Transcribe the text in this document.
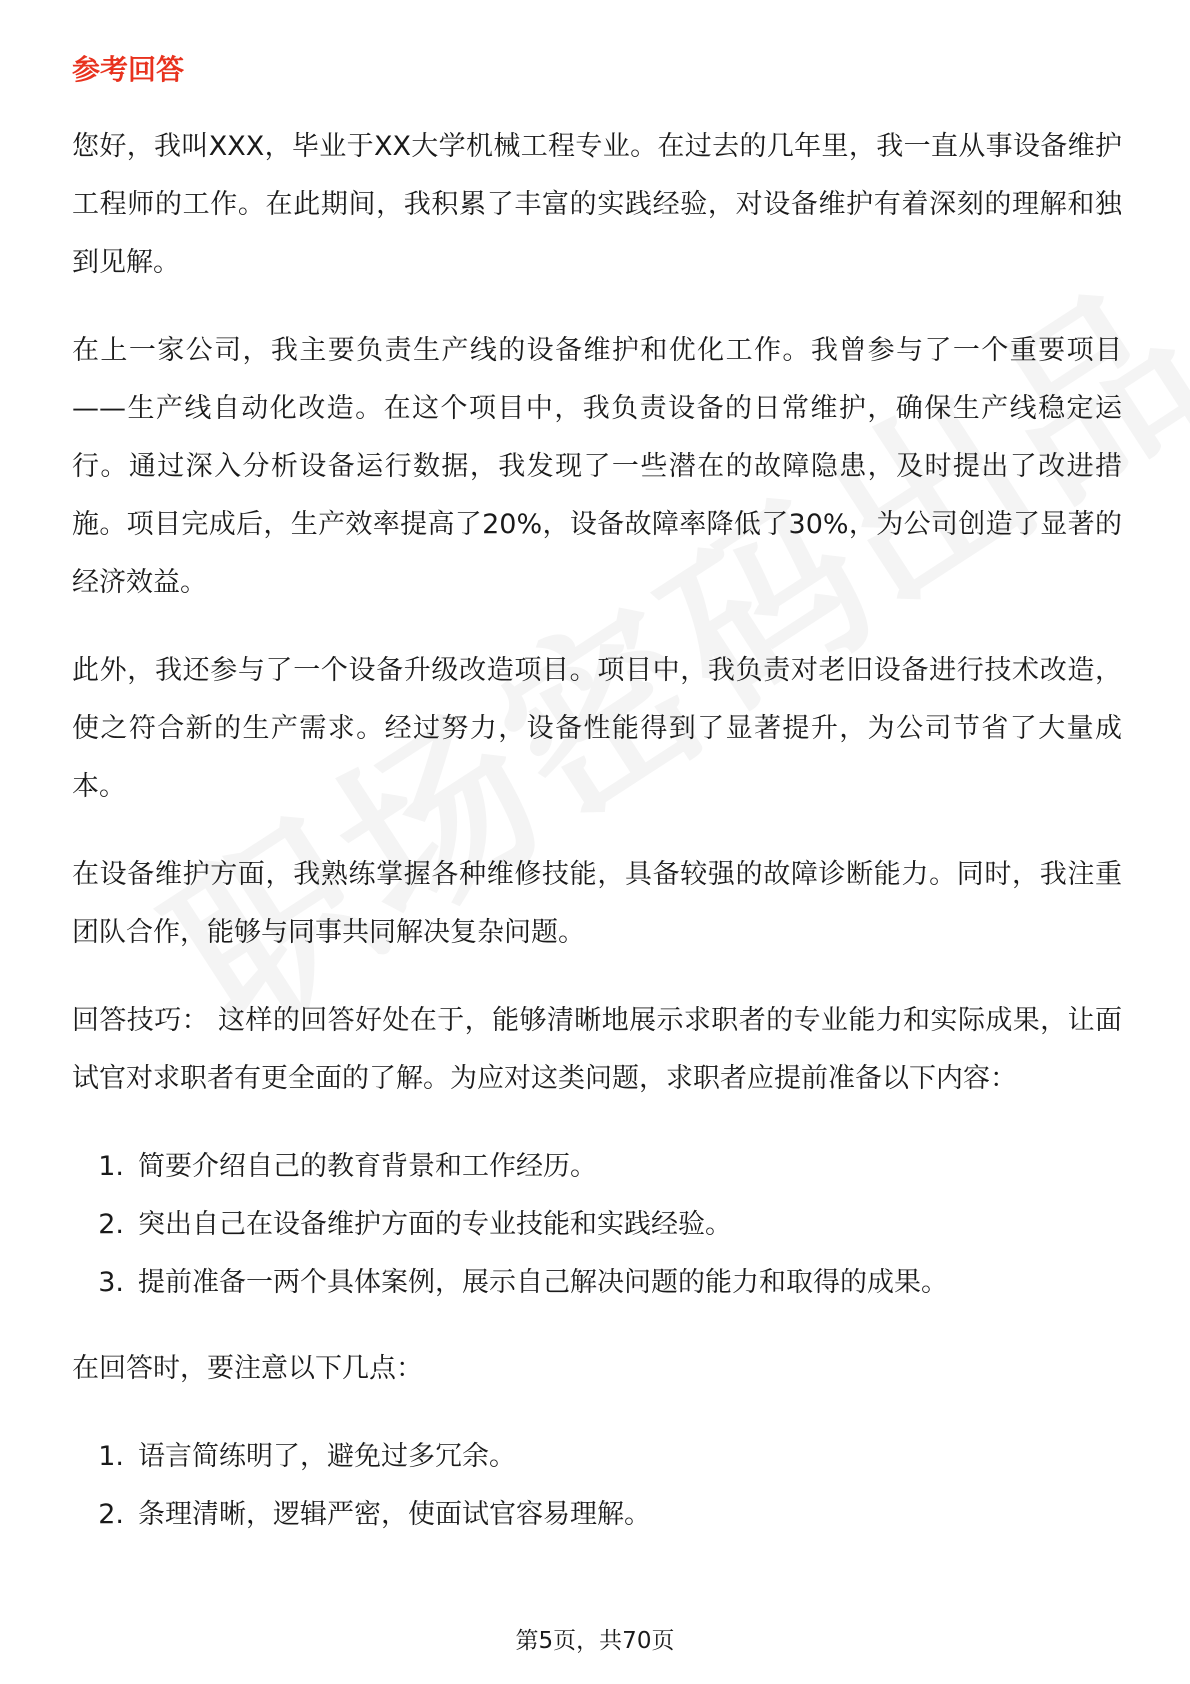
参考回答

您好，我叫XXX，毕业于XX大学机械工程专业。在过去的几年里，我一直从事设备维护工程师的工作。在此期间，我积累了丰富的实践经验，对设备维护有着深刻的理解和独到见解。

在上一家公司，我主要负责生产线的设备维护和优化工作。我曾参与了一个重要项目——生产线自动化改造。在这个项目中，我负责设备的日常维护，确保生产线稳定运行。通过深入分析设备运行数据，我发现了一些潜在的故障隐患，及时提出了改进措施。项目完成后，生产效率提高了20%，设备故障率降低了30%，为公司创造了显著的经济效益。

此外，我还参与了一个设备升级改造项目。项目中，我负责对老旧设备进行技术改造，使之符合新的生产需求。经过努力，设备性能得到了显著提升，为公司节省了大量成本。

在设备维护方面，我熟练掌握各种维修技能，具备较强的故障诊断能力。同时，我注重团队合作，能够与同事共同解决复杂问题。

回答技巧： 这样的回答好处在于，能够清晰地展示求职者的专业能力和实际成果，让面试官对求职者有更全面的了解。为应对这类问题，求职者应提前准备以下内容：

1. 简要介绍自己的教育背景和工作经历。
2. 突出自己在设备维护方面的专业技能和实践经验。
3. 提前准备一两个具体案例，展示自己解决问题的能力和取得的成果。

在回答时，要注意以下几点：

1. 语言简练明了，避免过多冗余。
2. 条理清晰，逻辑严密，使面试官容易理解。
第5页，共70页
